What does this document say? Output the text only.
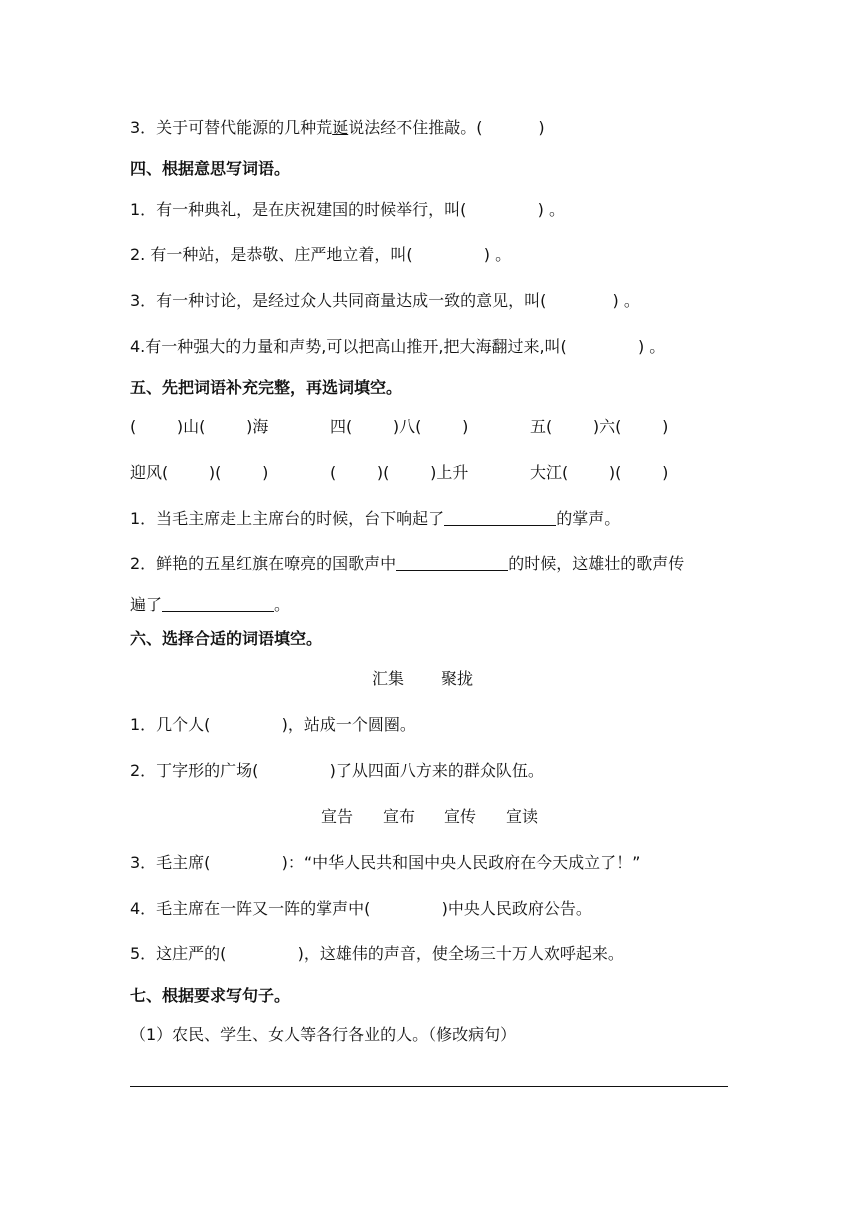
3．关于可替代能源的几种荒诞说法经不住推敲。(           )
四、根据意思写词语。
1．有一种典礼，是在庆祝建国的时候举行，叫(              ) 。
2. 有一种站，是恭敬、庄严地立着，叫(              ) 。
3．有一种讨论，是经过众人共同商量达成一致的意见，叫(             ) 。
4.有一种强大的力量和声势,可以把高山推开,把大海翻过来,叫(              ) 。
五、先把词语补充完整，再选词填空。
(        )山(        )海	四(        )八(        )	五(        )六(        )
迎风(        )(        )	(        )(        )上升	大江(        )(        )
1．当毛主席走上主席台的时候，台下响起了	的掌声。
2．鲜艳的五星红旗在嘹亮的国歌声中	的时候，这雄壮的歌声传
遍了	。
六、选择合适的词语填空。
汇集 聚拢
1．几个人(              )，站成一个圆圈。
2．丁字形的广场(              )了从四面八方来的群众队伍。
宣告 宣布 宣传 宣读
3．毛主席(              )：“中华人民共和国中央人民政府在今天成立了！”
4．毛主席在一阵又一阵的掌声中(              )中央人民政府公告。
5．这庄严的(              )，这雄伟的声音，使全场三十万人欢呼起来。
七、根据要求写句子。
（1）农民、学生、女人等各行各业的人。（修改病句）
